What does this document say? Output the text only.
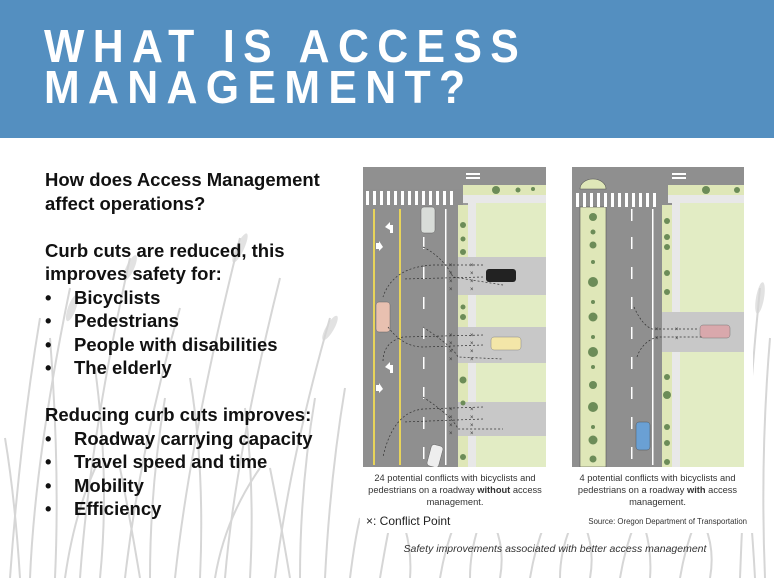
WHAT IS ACCESS
MANAGEMENT?

How does Access Management

affect operations?

Curb cuts are reduced, this

improves safety for:

•	Bicyclists
•	Pedestrians
•	People with disabilities
•	The elderly

Reducing curb cuts improves:

•	Roadway carrying capacity
•	Travel speed and time
•	Mobility
•	Efficiency
×
×
×
×
×
×
×
×
×
×
×
×
×
×
×
×
×
×
×
×
×
×
×
×
×	×
×	×
24 potential conflicts with bicyclists and pedestrians on a roadway without access management.
4 potential conflicts with bicyclists and pedestrians on a roadway with access management.
×: Conflict Point	Source: Oregon Department of Transportation
Safety improvements associated with better access management
